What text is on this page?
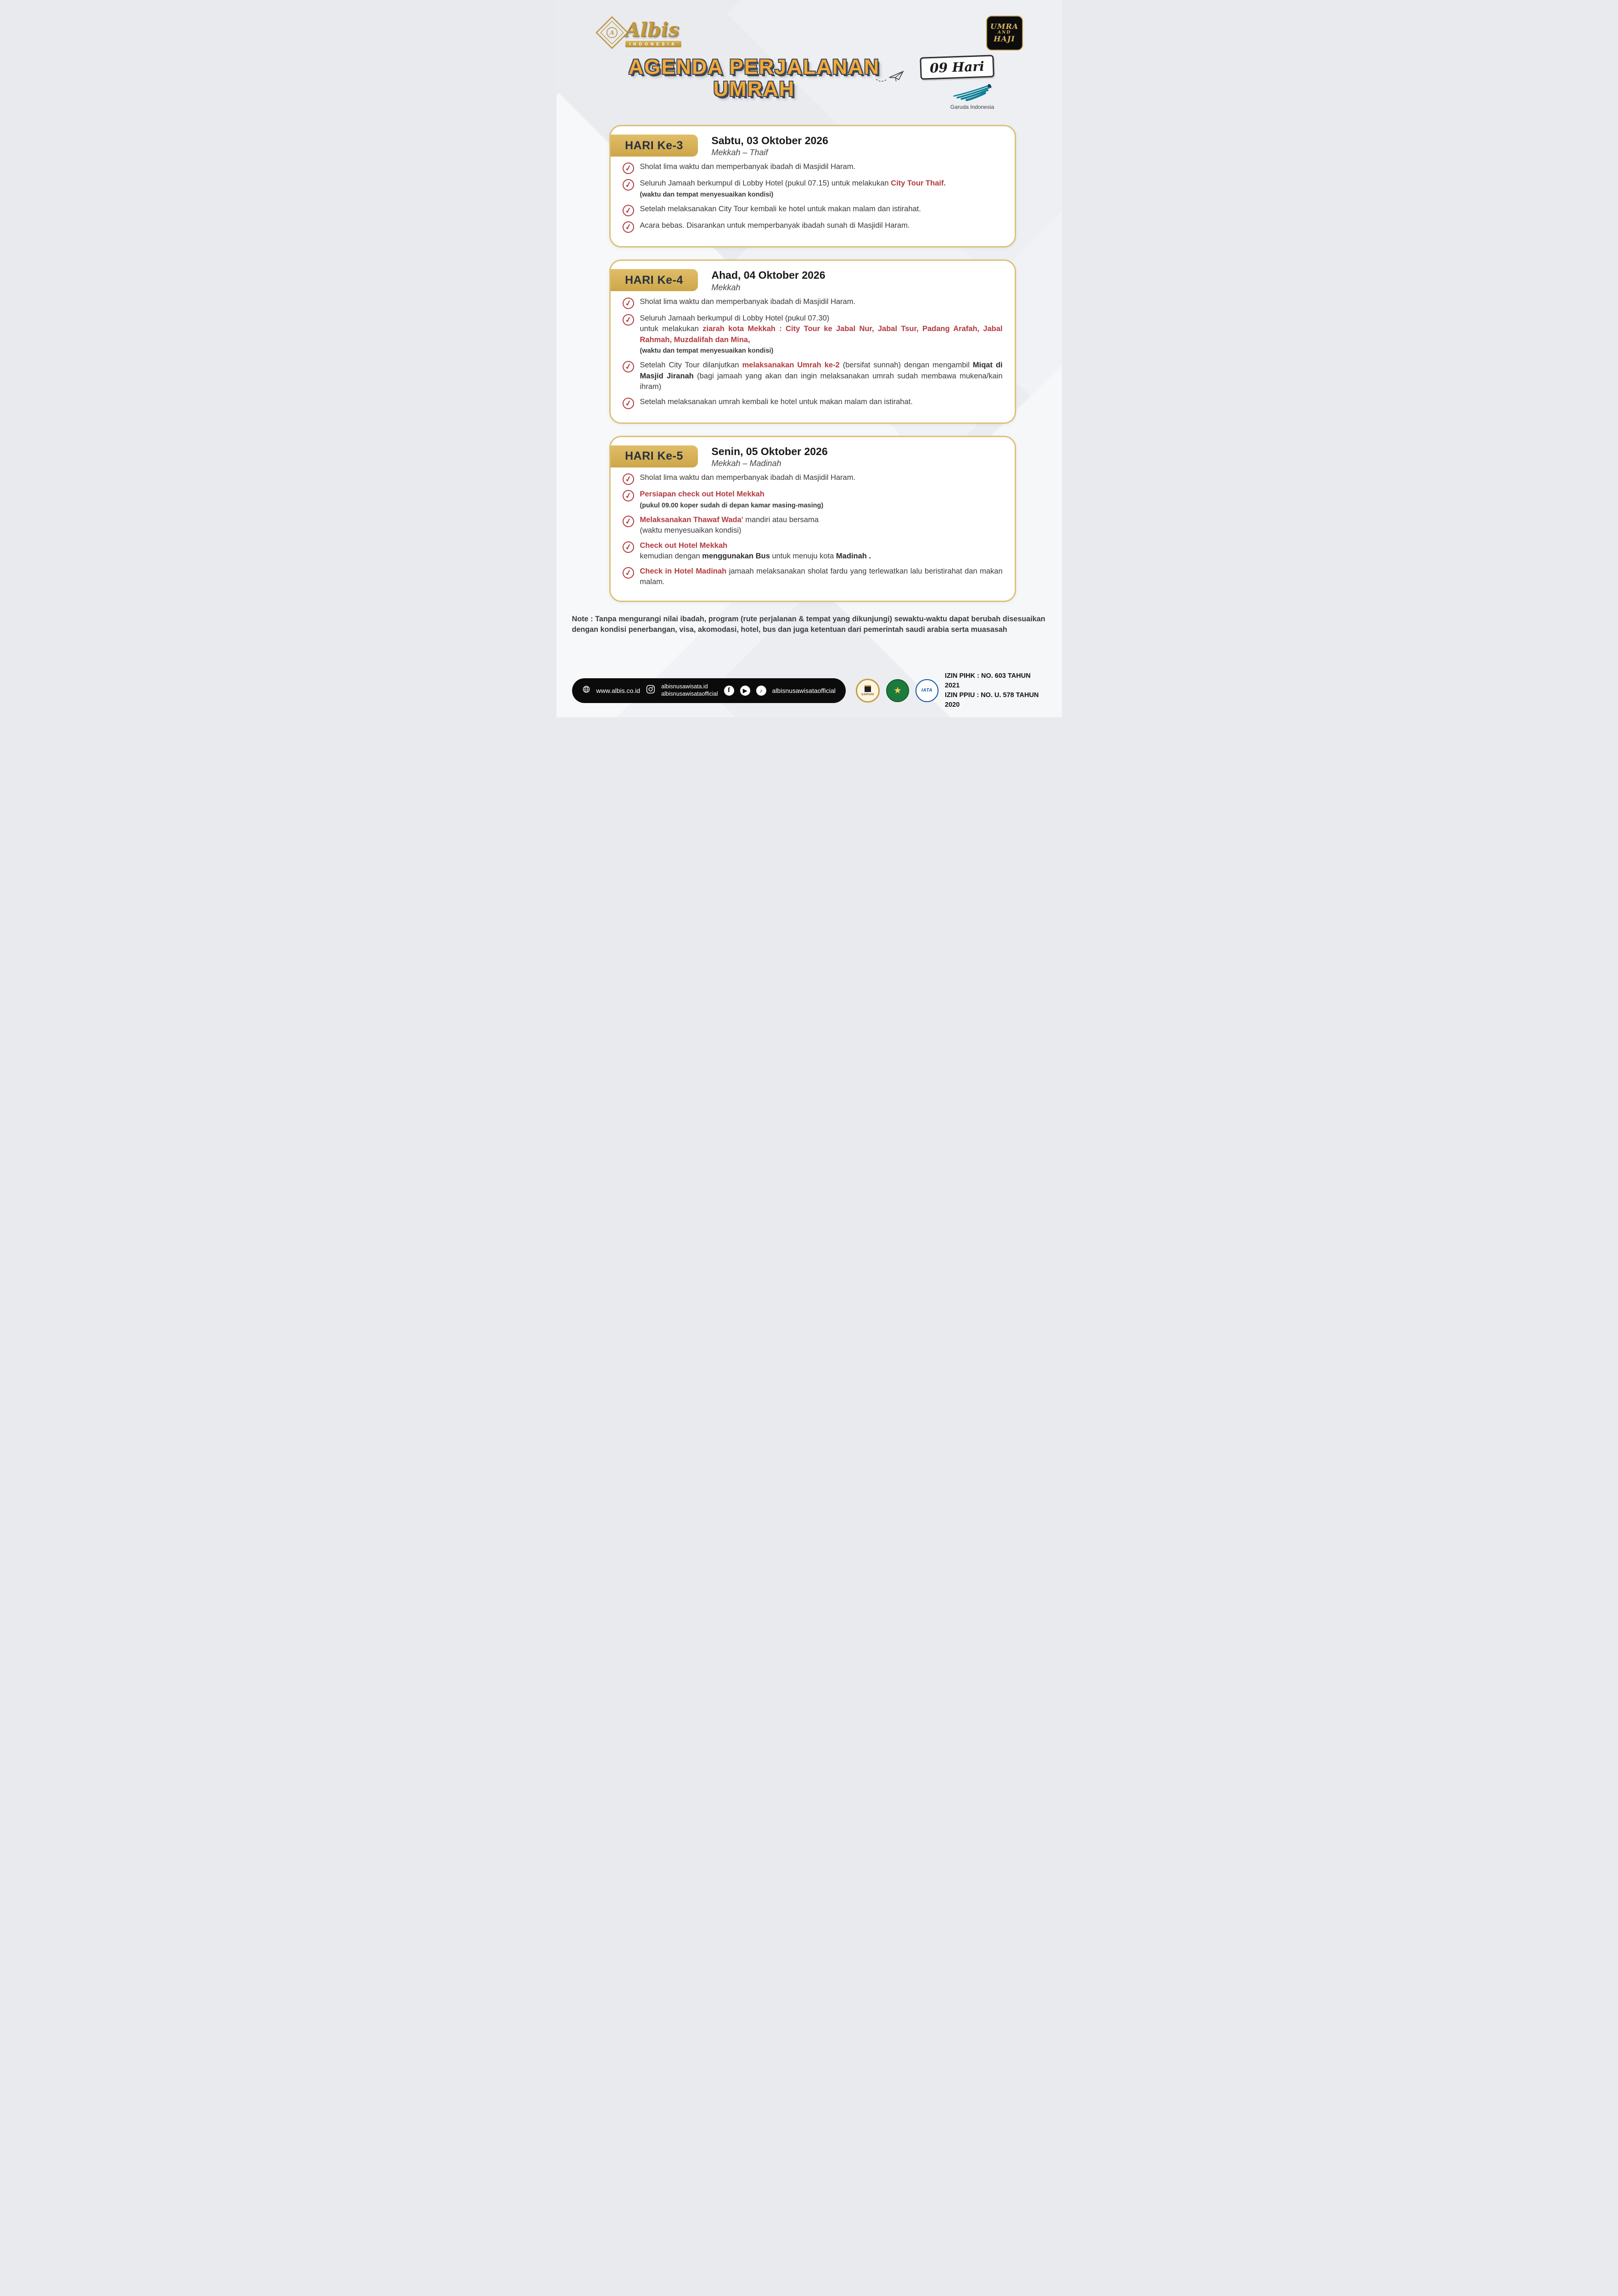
A Albis
INDONESIA
AGENDA PERJALANAN
UMRAH
09 Hari
Garuda Indonesia
UMRA
AND
HAJI
HARI Ke-3	Sabtu, 03 Oktober 2026
Mekkah – Thaif
✓	Sholat lima waktu dan memperbanyak ibadah di Masjidil Haram.
✓	Seluruh Jamaah berkumpul di Lobby Hotel (pukul 07.15) untuk melakukan City Tour Thaif.
(waktu dan tempat menyesuaikan kondisi)
✓	Setelah melaksanakan City Tour kembali ke hotel untuk makan malam dan istirahat.
✓	Acara bebas. Disarankan untuk memperbanyak ibadah sunah di Masjidil Haram.
HARI Ke-4	Ahad, 04 Oktober 2026
Mekkah
✓	Sholat lima waktu dan memperbanyak ibadah di Masjidil Haram.
✓	Seluruh Jamaah berkumpul di Lobby Hotel (pukul 07.30)
untuk melakukan ziarah kota Mekkah : City Tour ke Jabal Nur, Jabal Tsur, Padang Arafah, Jabal Rahmah, Muzdalifah dan Mina,
(waktu dan tempat menyesuaikan kondisi)
✓	Setelah City Tour dilanjutkan melaksanakan Umrah ke-2 (bersifat sunnah) dengan mengambil Miqat di Masjid Jiranah (bagi jamaah yang akan dan ingin melaksanakan umrah sudah membawa mukena/kain ihram)
✓	Setelah melaksanakan umrah kembali ke hotel untuk makan malam dan istirahat.
HARI Ke-5	Senin, 05 Oktober 2026
Mekkah – Madinah
✓	Sholat lima waktu dan memperbanyak ibadah di Masjidil Haram.
✓	Persiapan check out Hotel Mekkah
(pukul 09.00 koper sudah di depan kamar masing-masing)
✓	Melaksanakan Thawaf Wada' mandiri atau bersama
(waktu menyesuaikan kondisi)
✓	Check out Hotel Mekkah
kemudian dengan menggunakan Bus untuk menuju kota Madinah .
✓	Check in Hotel Madinah jamaah melaksanakan sholat fardu yang terlewatkan lalu beristirahat dan makan malam.

Note : Tanpa mengurangi nilai ibadah, program (rute perjalanan & tempat yang dikunjungi) sewaktu-waktu dapat berubah disesuaikan dengan kondisi penerbangan, visa, akomodasi, hotel, bus dan juga ketentuan dari pemerintah saudi arabia serta muasasah

www.albis.co.id
albisnusawisata.id
albisnusawisataofficial	f	▶	♪	albisnusawisataofficial
SAPUHI	★	IATA
IZIN PIHK : NO. 603 TAHUN 2021
IZIN PPIU : NO. U. 578 TAHUN 2020
